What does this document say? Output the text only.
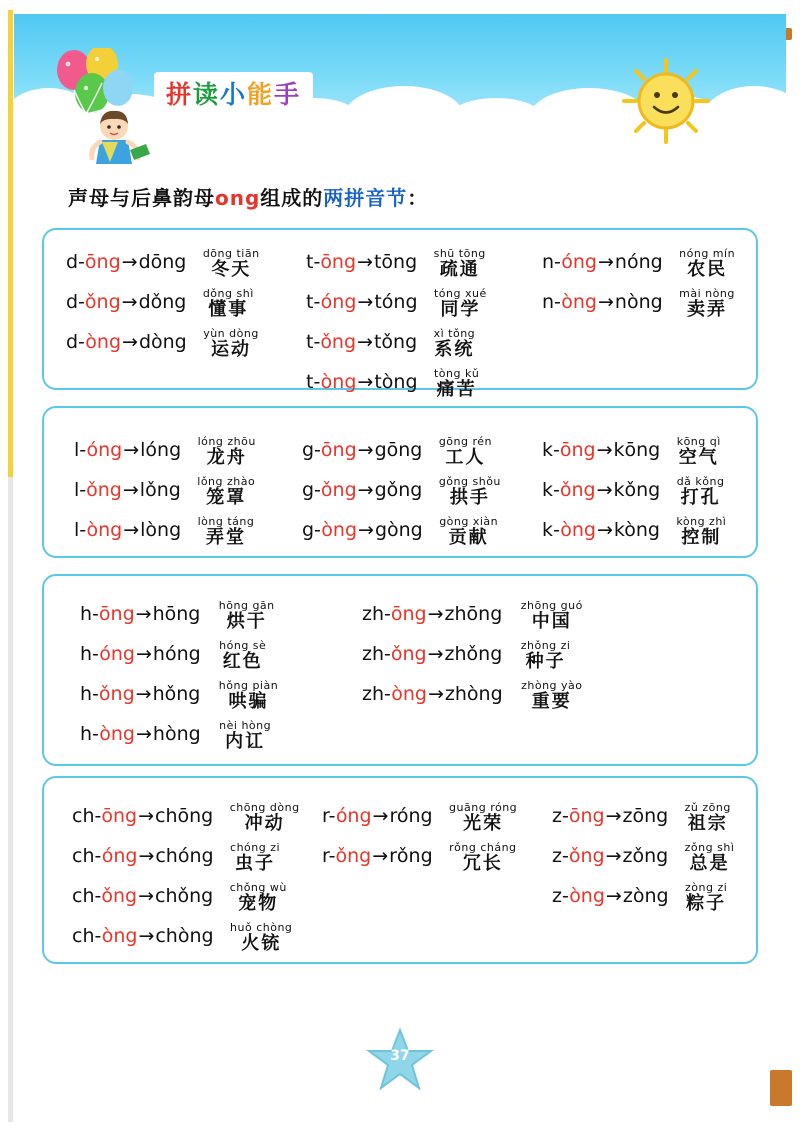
拼读小能手
声母与后鼻韵母ong组成的两拼音节：
d-ōng→dōng dōng tiān
冬天
d-ǒng→dǒng dǒng shì
懂事
d-òng→dòng yùn dòng
运动
t-ōng→tōng shū tōng
疏通
t-óng→tóng tóng xué
同学
t-ǒng→tǒng xì tǒng
系统
t-òng→tòng tòng kǔ
痛苦
n-óng→nóng nóng mín
农民
n-òng→nòng mài nòng
卖弄
l-óng→lóng lóng zhōu
龙舟
l-ǒng→lǒng lǒng zhào
笼罩
l-òng→lòng lòng táng
弄堂
g-ōng→gōng gōng rén
工人
g-ǒng→gǒng gǒng shǒu
拱手
g-òng→gòng gòng xiàn
贡献
k-ōng→kōng kōng qì
空气
k-ǒng→kǒng dǎ kǒng
打孔
k-òng→kòng kòng zhì
控制
h-ōng→hōng hōng gān
烘干
h-óng→hóng hóng sè
红色
h-ǒng→hǒng hǒng piàn
哄骗
h-òng→hòng nèi hòng
内讧
zh-ōng→zhōng zhōng guó
中国
zh-ǒng→zhǒng zhǒng zi
种子
zh-òng→zhòng zhòng yào
重要
ch-ōng→chōng chōng dòng
冲动
ch-óng→chóng chóng zi
虫子
ch-ǒng→chǒng chǒng wù
宠物
ch-òng→chòng huǒ chòng
火铳
r-óng→róng guāng róng
光荣
r-ǒng→rǒng rǒng cháng
冗长
z-ōng→zōng zǔ zōng
祖宗
z-ǒng→zǒng zǒng shì
总是
z-òng→zòng zòng zi
粽子
37
